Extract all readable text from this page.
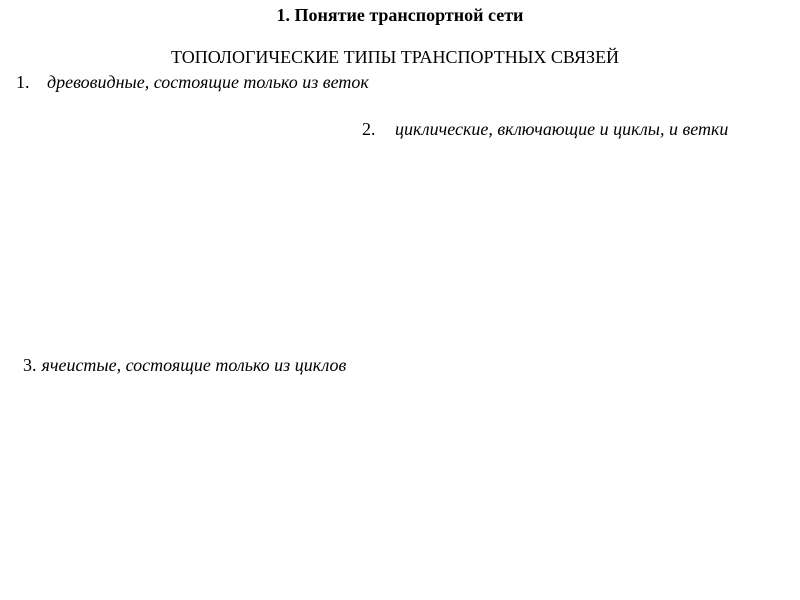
1. Понятие транспортной сети
ТОПОЛОГИЧЕСКИЕ ТИПЫ ТРАНСПОРТНЫХ СВЯЗЕЙ
1. древовидные, состоящие только из веток
2. циклические, включающие и циклы, и ветки
3. ячеистые, состоящие только из циклов
